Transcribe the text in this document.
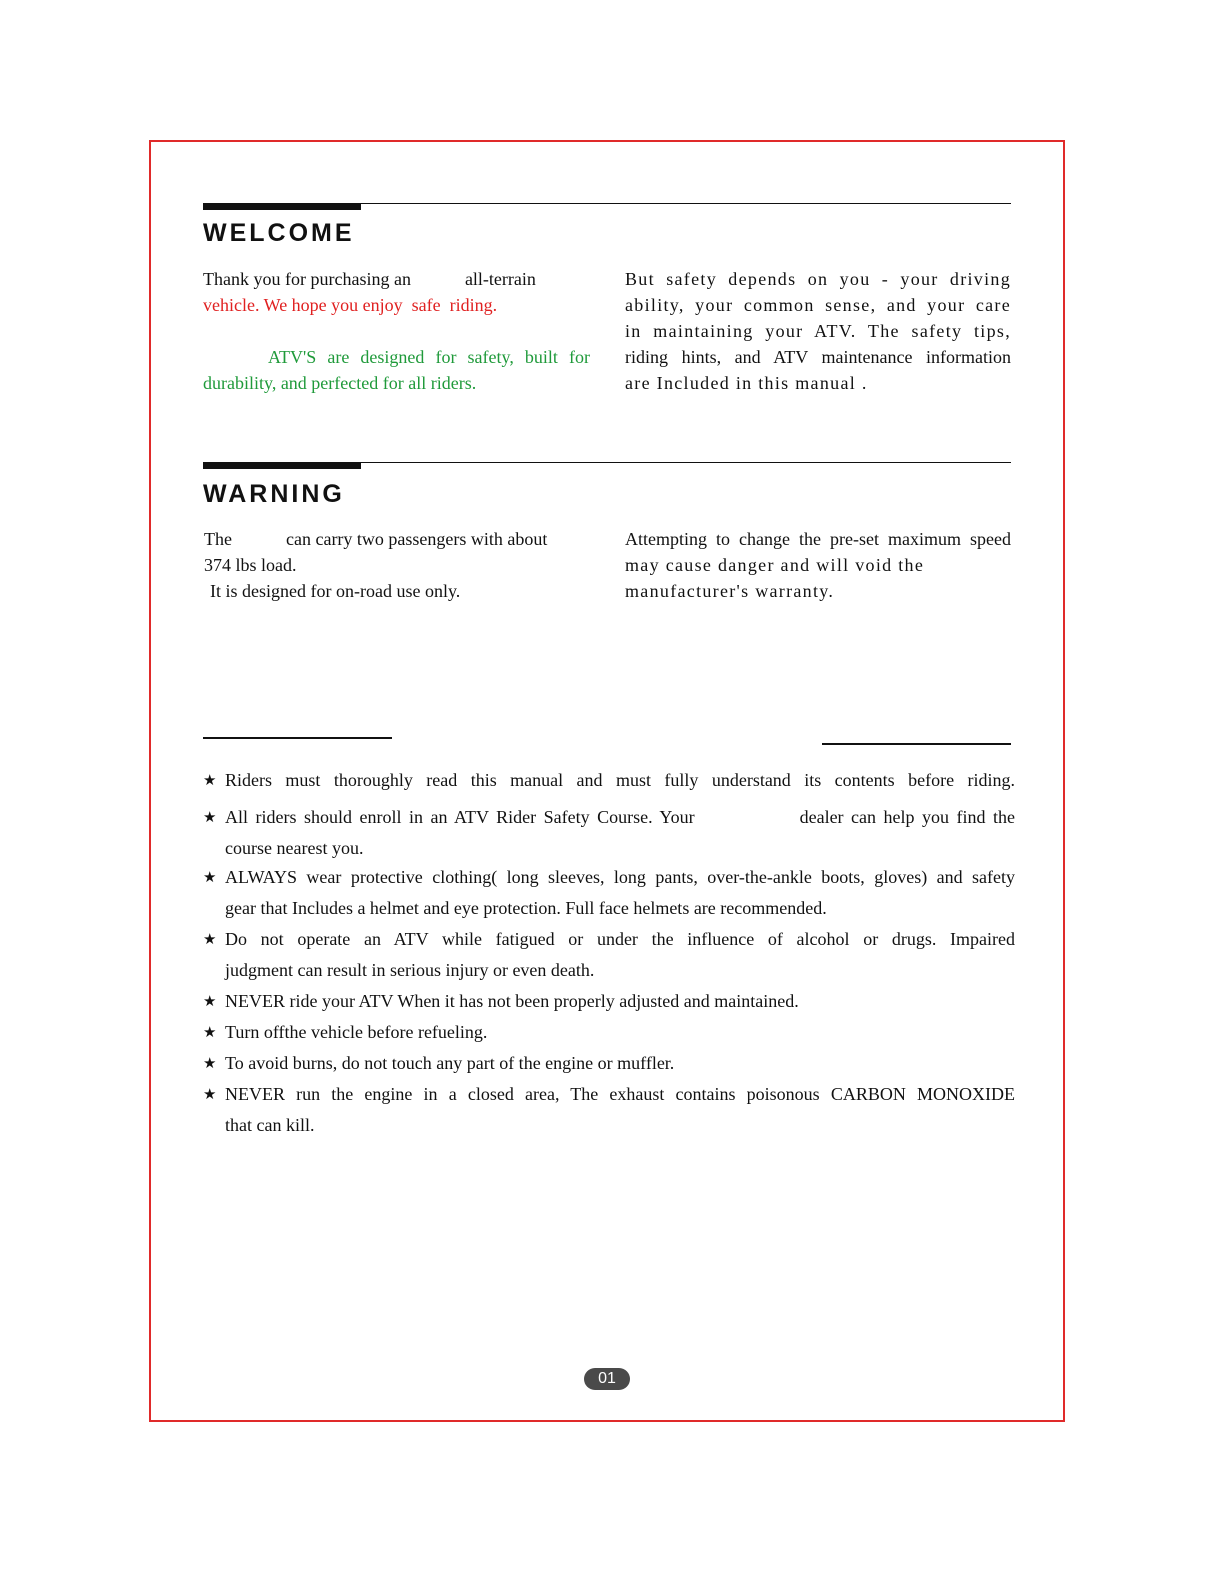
WELCOME
Thank you for purchasing an            all-terrain
vehicle. We hope you enjoy  safe  riding.

ATV'S are designed for safety, built for
durability, and perfected for all riders.
But safety depends on you - your driving
ability, your common sense, and your care
in maintaining your ATV. The safety tips,
riding hints, and ATV maintenance information
are Included in this manual .
WARNING
The            can carry two passengers with about
374 lbs load.
It is designed for on-road use only.
Attempting to change the pre-set maximum speed
may cause danger and will void the
manufacturer's warranty.
★ Riders must thoroughly read this manual and must fully understand its contents before riding.
★ All riders should enroll in an ATV Rider Safety Course. Your              dealer can help you find the
course nearest you.
★ ALWAYS wear protective clothing( long sleeves, long pants, over-the-ankle boots, gloves) and safety
gear that Includes a helmet and eye protection. Full face helmets are recommended.
★ Do not operate an ATV while fatigued or under the influence of alcohol or drugs. Impaired
judgment can result in serious injury or even death.
★ NEVER ride your ATV When it has not been properly adjusted and maintained.
★ Turn offthe vehicle before refueling.
★ To avoid burns, do not touch any part of the engine or muffler.
★ NEVER run the engine in a closed area, The exhaust contains poisonous CARBON MONOXIDE
that can kill.
01
